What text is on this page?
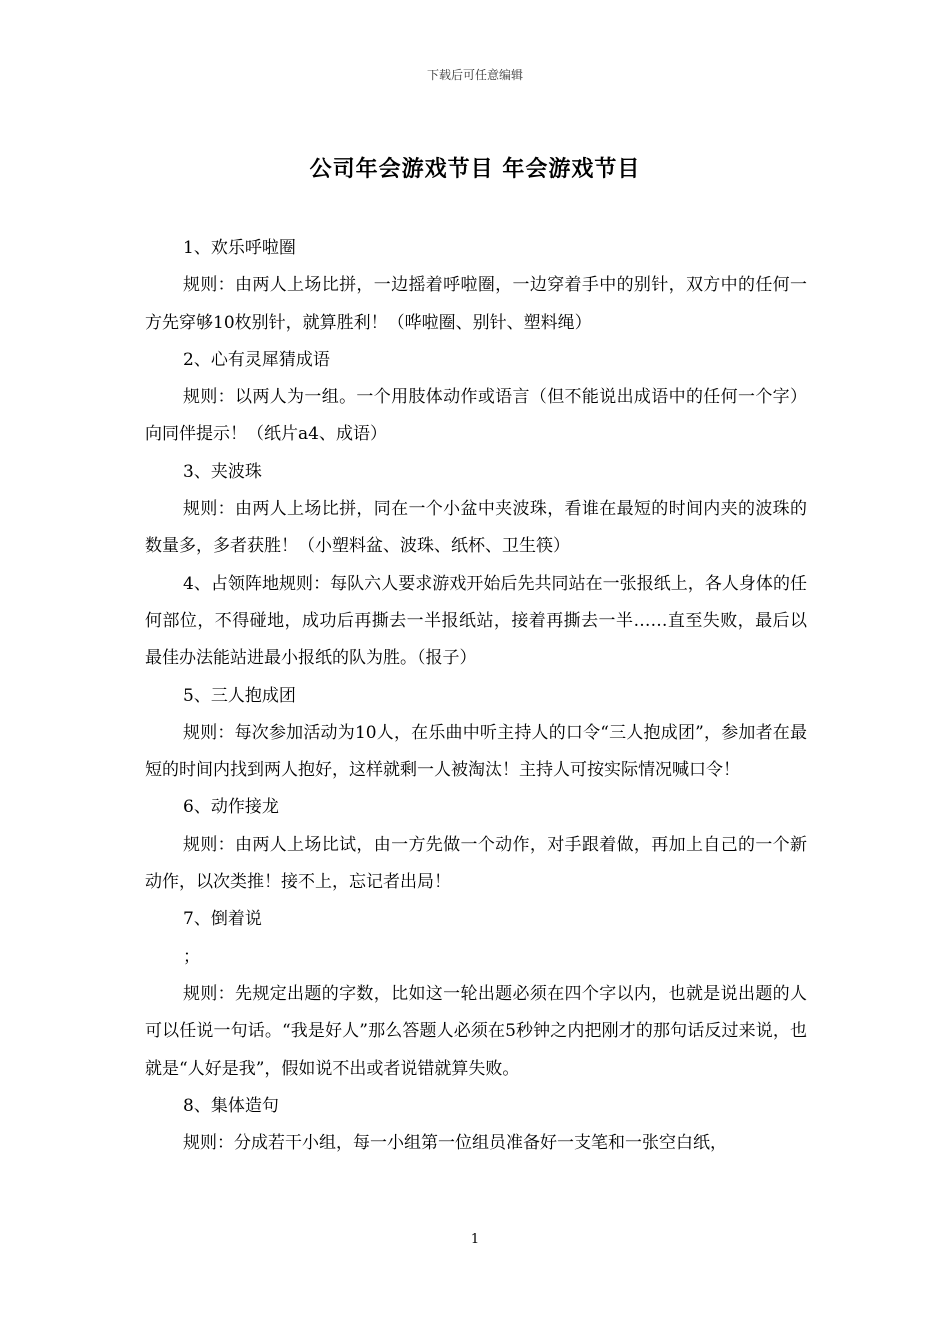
下载后可任意编辑
公司年会游戏节目 年会游戏节目

1、欢乐呼啦圈

规则：由两人上场比拼，一边摇着呼啦圈，一边穿着手中的别针，双方中的任何一方先穿够10枚别针，就算胜利！（哗啦圈、别针、塑料绳）

2、心有灵犀猜成语

规则：以两人为一组。一个用肢体动作或语言（但不能说出成语中的任何一个字）向同伴提示！（纸片a4、成语）

3、夹波珠

规则：由两人上场比拼，同在一个小盆中夹波珠，看谁在最短的时间内夹的波珠的数量多，多者获胜！（小塑料盆、波珠、纸杯、卫生筷）

4、占领阵地规则：每队六人要求游戏开始后先共同站在一张报纸上，各人身体的任何部位，不得碰地，成功后再撕去一半报纸站，接着再撕去一半……直至失败，最后以最佳办法能站进最小报纸的队为胜。（报子）

5、三人抱成团

规则：每次参加活动为10人，在乐曲中听主持人的口令“三人抱成团”，参加者在最短的时间内找到两人抱好，这样就剩一人被淘汰！主持人可按实际情况喊口令！

6、动作接龙

规则：由两人上场比试，由一方先做一个动作，对手跟着做，再加上自己的一个新动作，以次类推！接不上，忘记者出局！

7、倒着说

；

规则：先规定出题的字数，比如这一轮出题必须在四个字以内，也就是说出题的人可以任说一句话。“我是好人”那么答题人必须在5秒钟之内把刚才的那句话反过来说，也就是“人好是我”，假如说不出或者说错就算失败。

8、集体造句

规则：分成若干小组，每一小组第一位组员准备好一支笔和一张空白纸，

1
